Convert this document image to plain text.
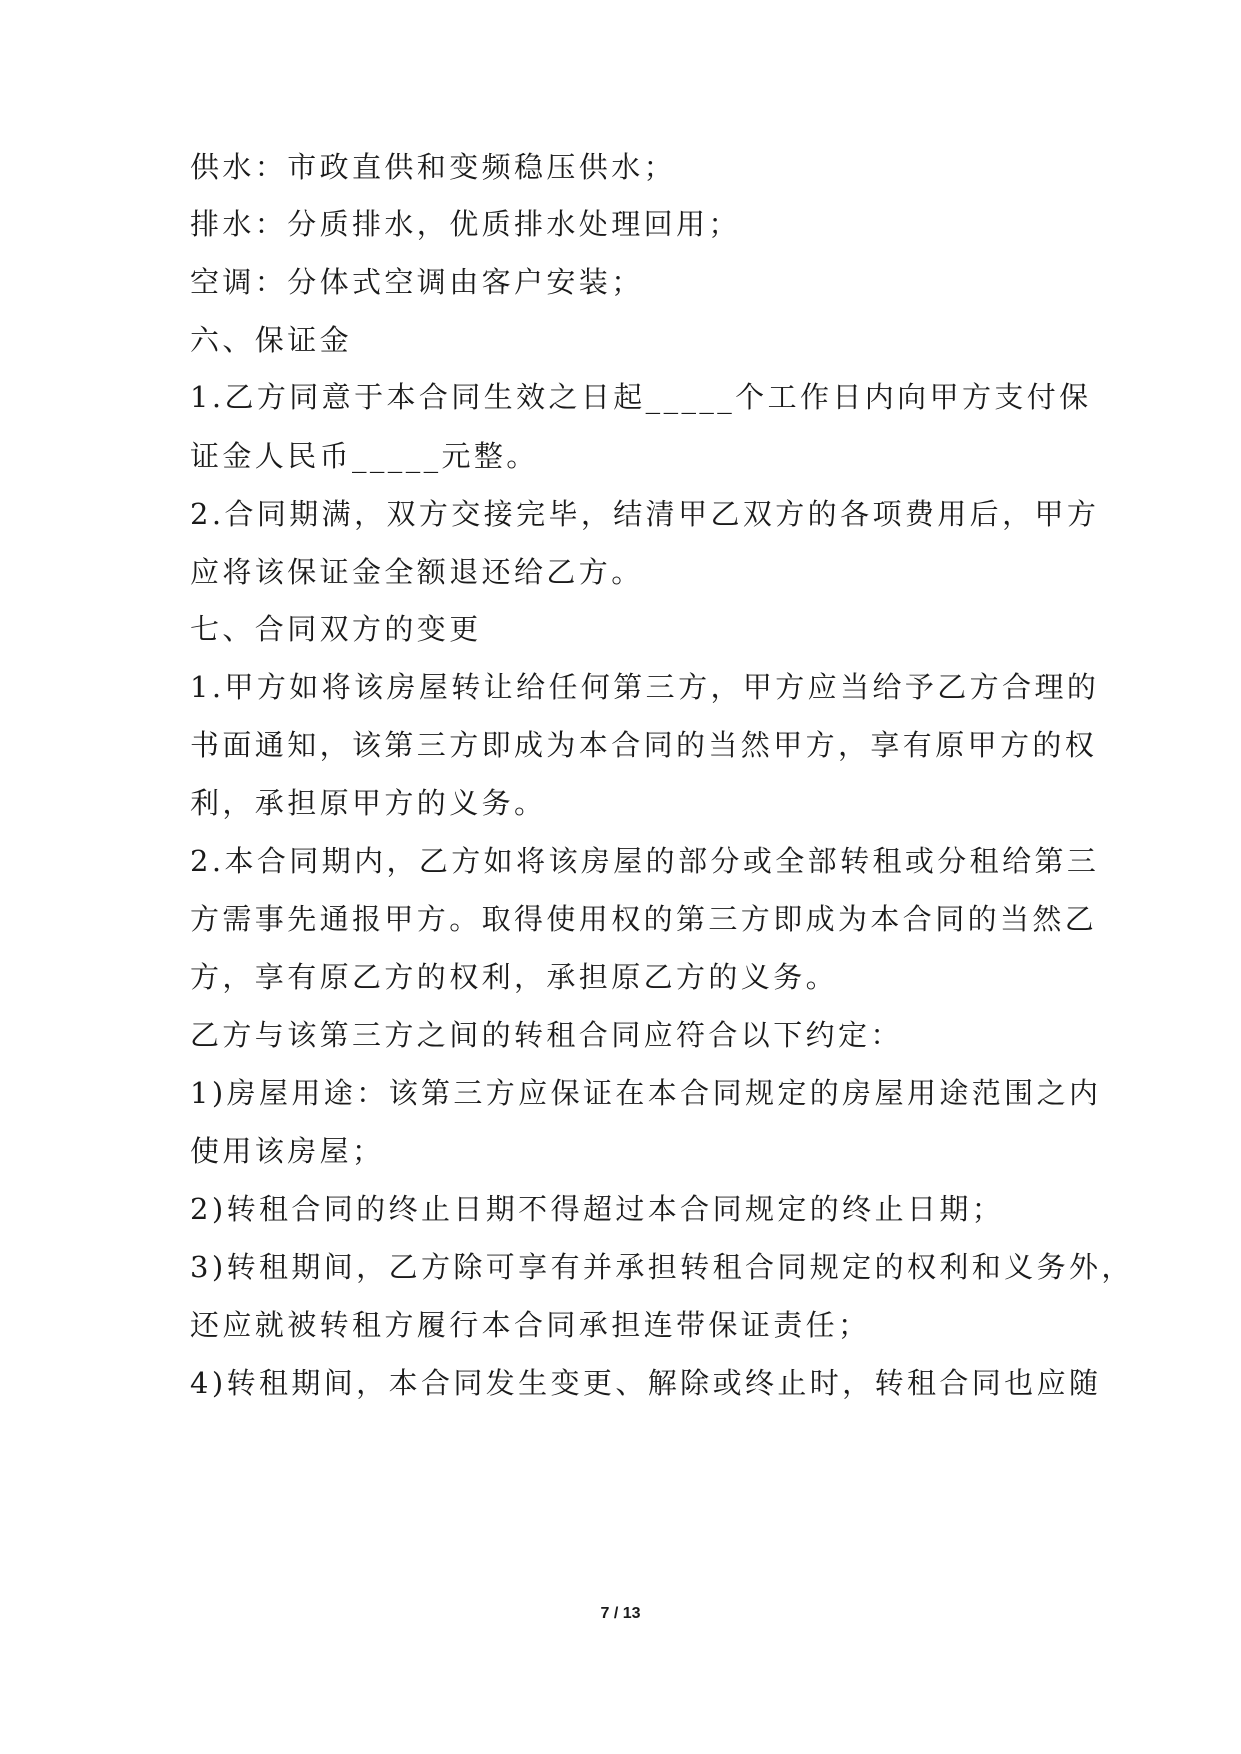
供水：市政直供和变频稳压供水；
排水：分质排水，优质排水处理回用；
空调：分体式空调由客户安装；
六、保证金
1.乙方同意于本合同生效之日起_____个工作日内向甲方支付保
证金人民币_____元整。
2.合同期满，双方交接完毕，结清甲乙双方的各项费用后，甲方
应将该保证金全额退还给乙方。
七、合同双方的变更
1.甲方如将该房屋转让给任何第三方，甲方应当给予乙方合理的
书面通知，该第三方即成为本合同的当然甲方，享有原甲方的权
利，承担原甲方的义务。
2.本合同期内，乙方如将该房屋的部分或全部转租或分租给第三
方需事先通报甲方。取得使用权的第三方即成为本合同的当然乙
方，享有原乙方的权利，承担原乙方的义务。
乙方与该第三方之间的转租合同应符合以下约定：
1)房屋用途：该第三方应保证在本合同规定的房屋用途范围之内
使用该房屋；
2)转租合同的终止日期不得超过本合同规定的终止日期；
3)转租期间，乙方除可享有并承担转租合同规定的权利和义务外，
还应就被转租方履行本合同承担连带保证责任；
4)转租期间，本合同发生变更、解除或终止时，转租合同也应随
7 / 13
